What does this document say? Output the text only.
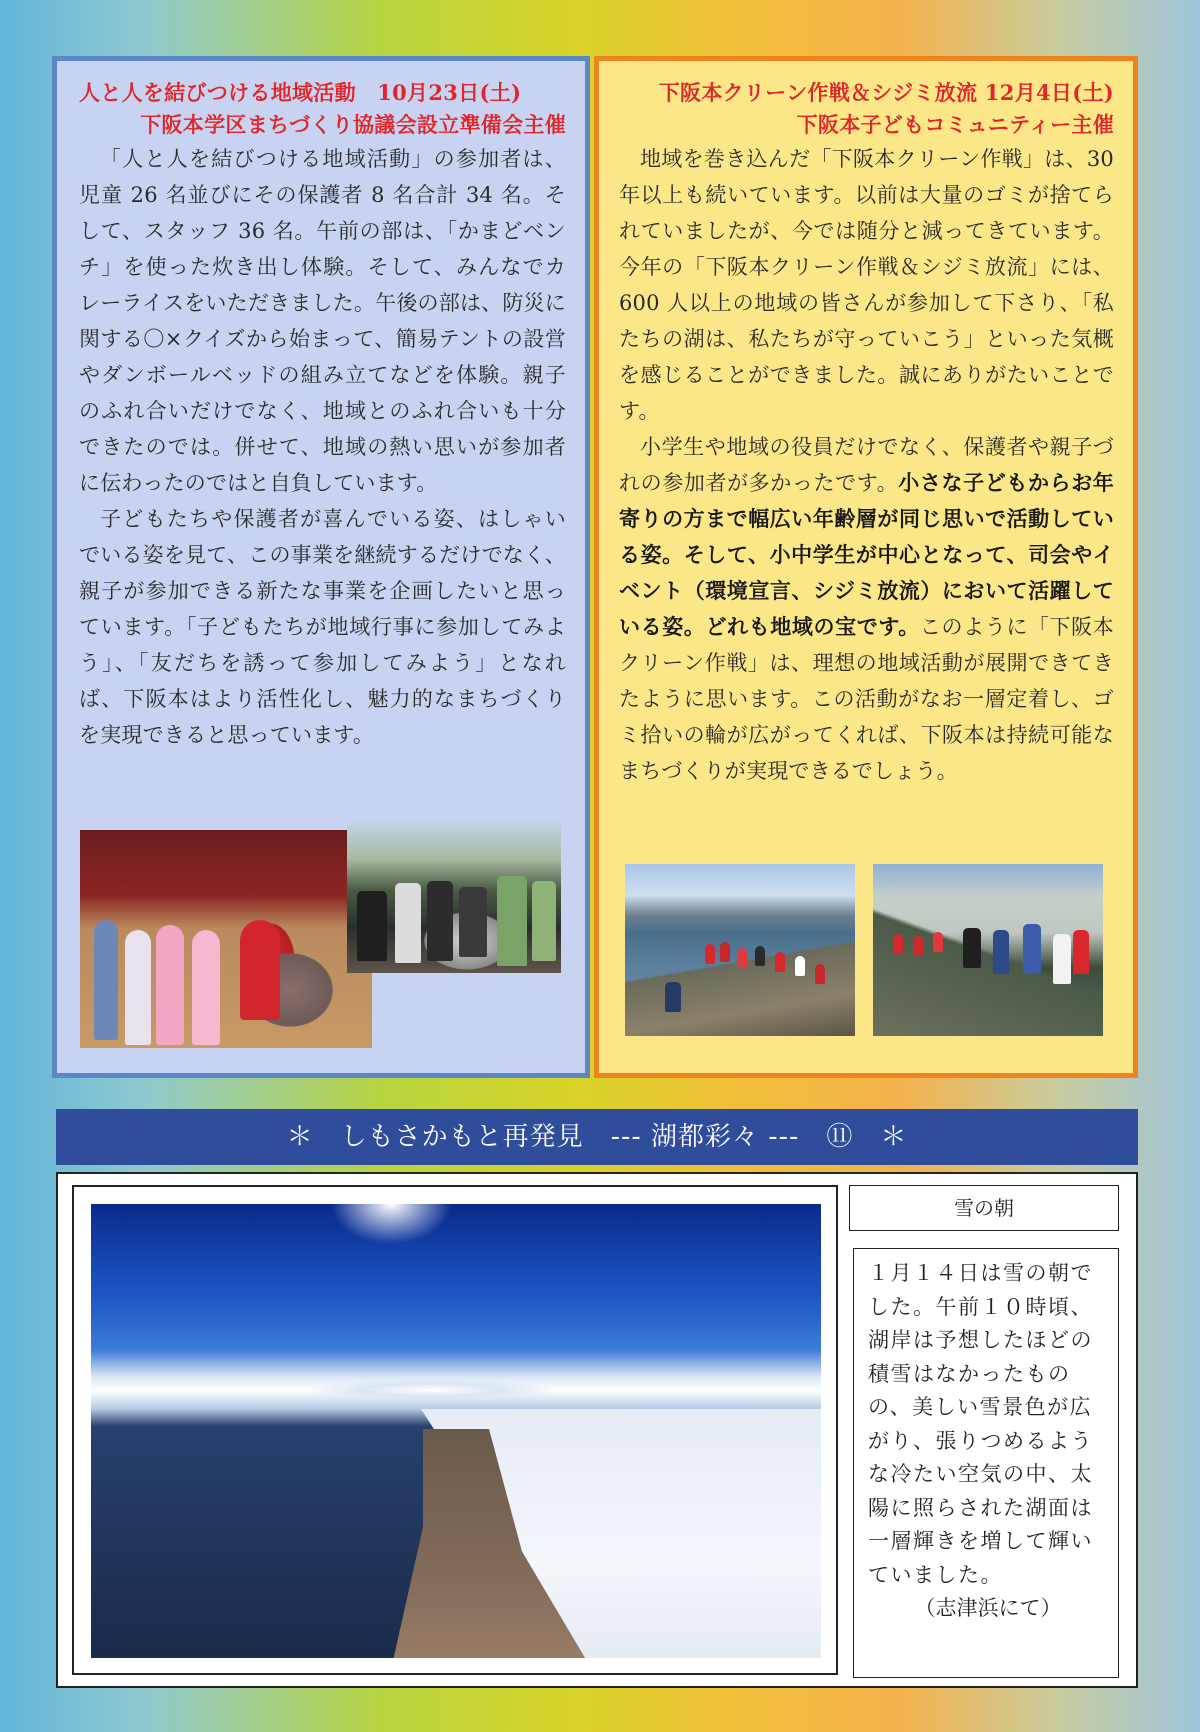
人と人を結びつける地域活動　10月23日(土)
下阪本学区まちづくり協議会設立準備会主催

「人と人を結びつける地域活動」の参加者は、児童 26 名並びにその保護者 8 名合計 34 名。そして、スタッフ 36 名。午前の部は、「かまどベンチ」を使った炊き出し体験。そして、みんなでカレーライスをいただきました。午後の部は、防災に関する〇×クイズから始まって、簡易テントの設営やダンボールベッドの組み立てなどを体験。親子のふれ合いだけでなく、地域とのふれ合いも十分できたのでは。併せて、地域の熱い思いが参加者に伝わったのではと自負しています。

子どもたちや保護者が喜んでいる姿、はしゃいでいる姿を見て、この事業を継続するだけでなく、親子が参加できる新たな事業を企画したいと思っています。「子どもたちが地域行事に参加してみよう」、「友だちを誘って参加してみよう」となれば、下阪本はより活性化し、魅力的なまちづくりを実現できると思っています。

下阪本クリーン作戦＆シジミ放流 12月4日(土)
下阪本子どもコミュニティー主催

地域を巻き込んだ「下阪本クリーン作戦」は、30 年以上も続いています。以前は大量のゴミが捨てられていましたが、今では随分と減ってきています。今年の「下阪本クリーン作戦＆シジミ放流」には、600 人以上の地域の皆さんが参加して下さり、「私たちの湖は、私たちが守っていこう」といった気概を感じることができました。誠にありがたいことです。

小学生や地域の役員だけでなく、保護者や親子づれの参加者が多かったです。小さな子どもからお年寄りの方まで幅広い年齢層が同じ思いで活動している姿。そして、小中学生が中心となって、司会やイベント（環境宣言、シジミ放流）において活躍している姿。どれも地域の宝です。このように「下阪本クリーン作戦」は、理想の地域活動が展開できてきたように思います。この活動がなお一層定着し、ゴミ拾いの輪が広がってくれば、下阪本は持続可能なまちづくりが実現できるでしょう。

＊　しもさかもと再発見　--- 湖都彩々 ---　⑪　＊
雪の朝
１月１４日は雪の朝でした。午前１０時頃、湖岸は予想したほどの積雪はなかったものの、美しい雪景色が広がり、張りつめるような冷たい空気の中、太陽に照らされた湖面は一層輝きを増して輝いていました。
（志津浜にて）
